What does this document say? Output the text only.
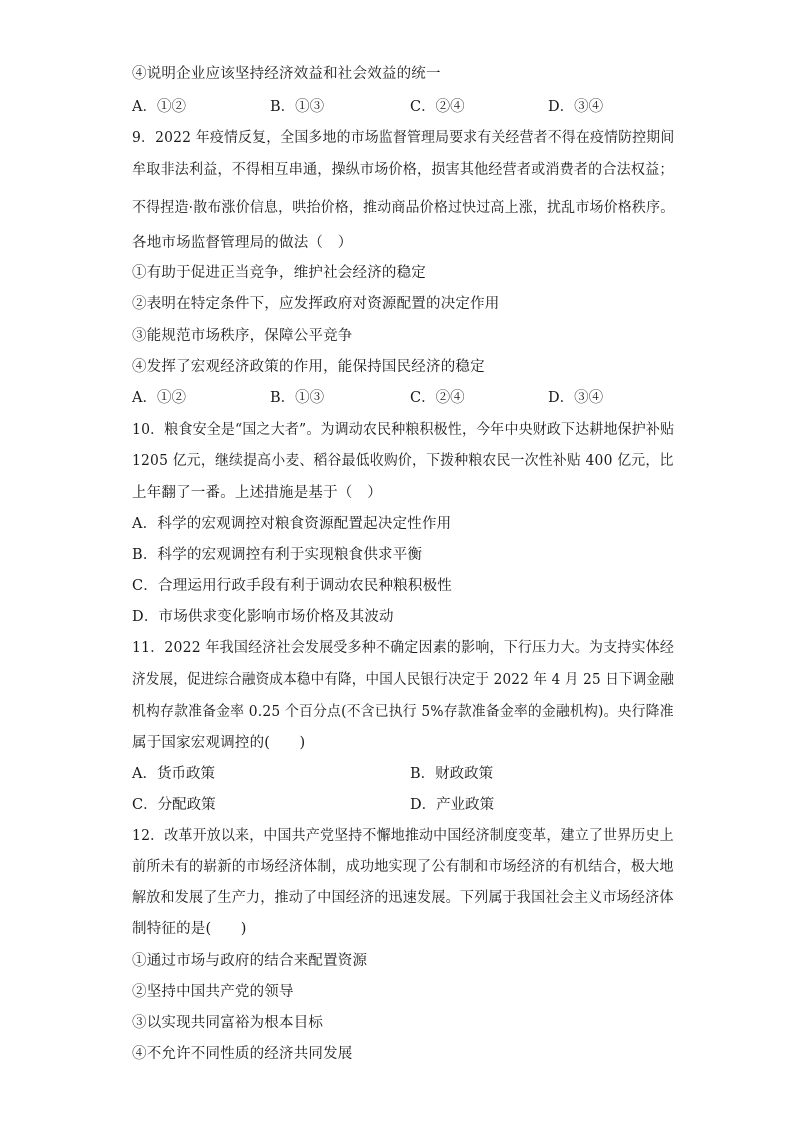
④说明企业应该坚持经济效益和社会效益的统一
A．①②	B．①③	C．②④	D．③④
9．2022 年疫情反复，全国多地的市场监督管理局要求有关经营者不得在疫情防控期间
牟取非法利益，不得相互串通，操纵市场价格，损害其他经营者或消费者的合法权益；
不得捏造·散布涨价信息，哄抬价格，推动商品价格过快过高上涨，扰乱市场价格秩序。
各地市场监督管理局的做法（　）
①有助于促进正当竞争，维护社会经济的稳定
②表明在特定条件下，应发挥政府对资源配置的决定作用
③能规范市场秩序，保障公平竞争
④发挥了宏观经济政策的作用，能保持国民经济的稳定
A．①②	B．①③	C．②④	D．③④
10．粮食安全是“国之大者”。为调动农民种粮积极性，今年中央财政下达耕地保护补贴
1205 亿元，继续提高小麦、稻谷最低收购价，下拨种粮农民一次性补贴 400 亿元，比
上年翻了一番。上述措施是基于（　）
A．科学的宏观调控对粮食资源配置起决定性作用
B．科学的宏观调控有利于实现粮食供求平衡
C．合理运用行政手段有利于调动农民种粮积极性
D．市场供求变化影响市场价格及其波动
11．2022 年我国经济社会发展受多种不确定因素的影响，下行压力大。为支持实体经
济发展，促进综合融资成本稳中有降，中国人民银行决定于 2022 年 4 月 25 日下调金融
机构存款准备金率 0.25 个百分点(不含已执行 5%存款准备金率的金融机构)。央行降准
属于国家宏观调控的(　　)
A．货币政策	B．财政政策
C．分配政策	D．产业政策
12．改革开放以来，中国共产党坚持不懈地推动中国经济制度变革，建立了世界历史上
前所未有的崭新的市场经济体制，成功地实现了公有制和市场经济的有机结合，极大地
解放和发展了生产力，推动了中国经济的迅速发展。下列属于我国社会主义市场经济体
制特征的是(　　)
①通过市场与政府的结合来配置资源
②坚持中国共产党的领导
③以实现共同富裕为根本目标
④不允许不同性质的经济共同发展
